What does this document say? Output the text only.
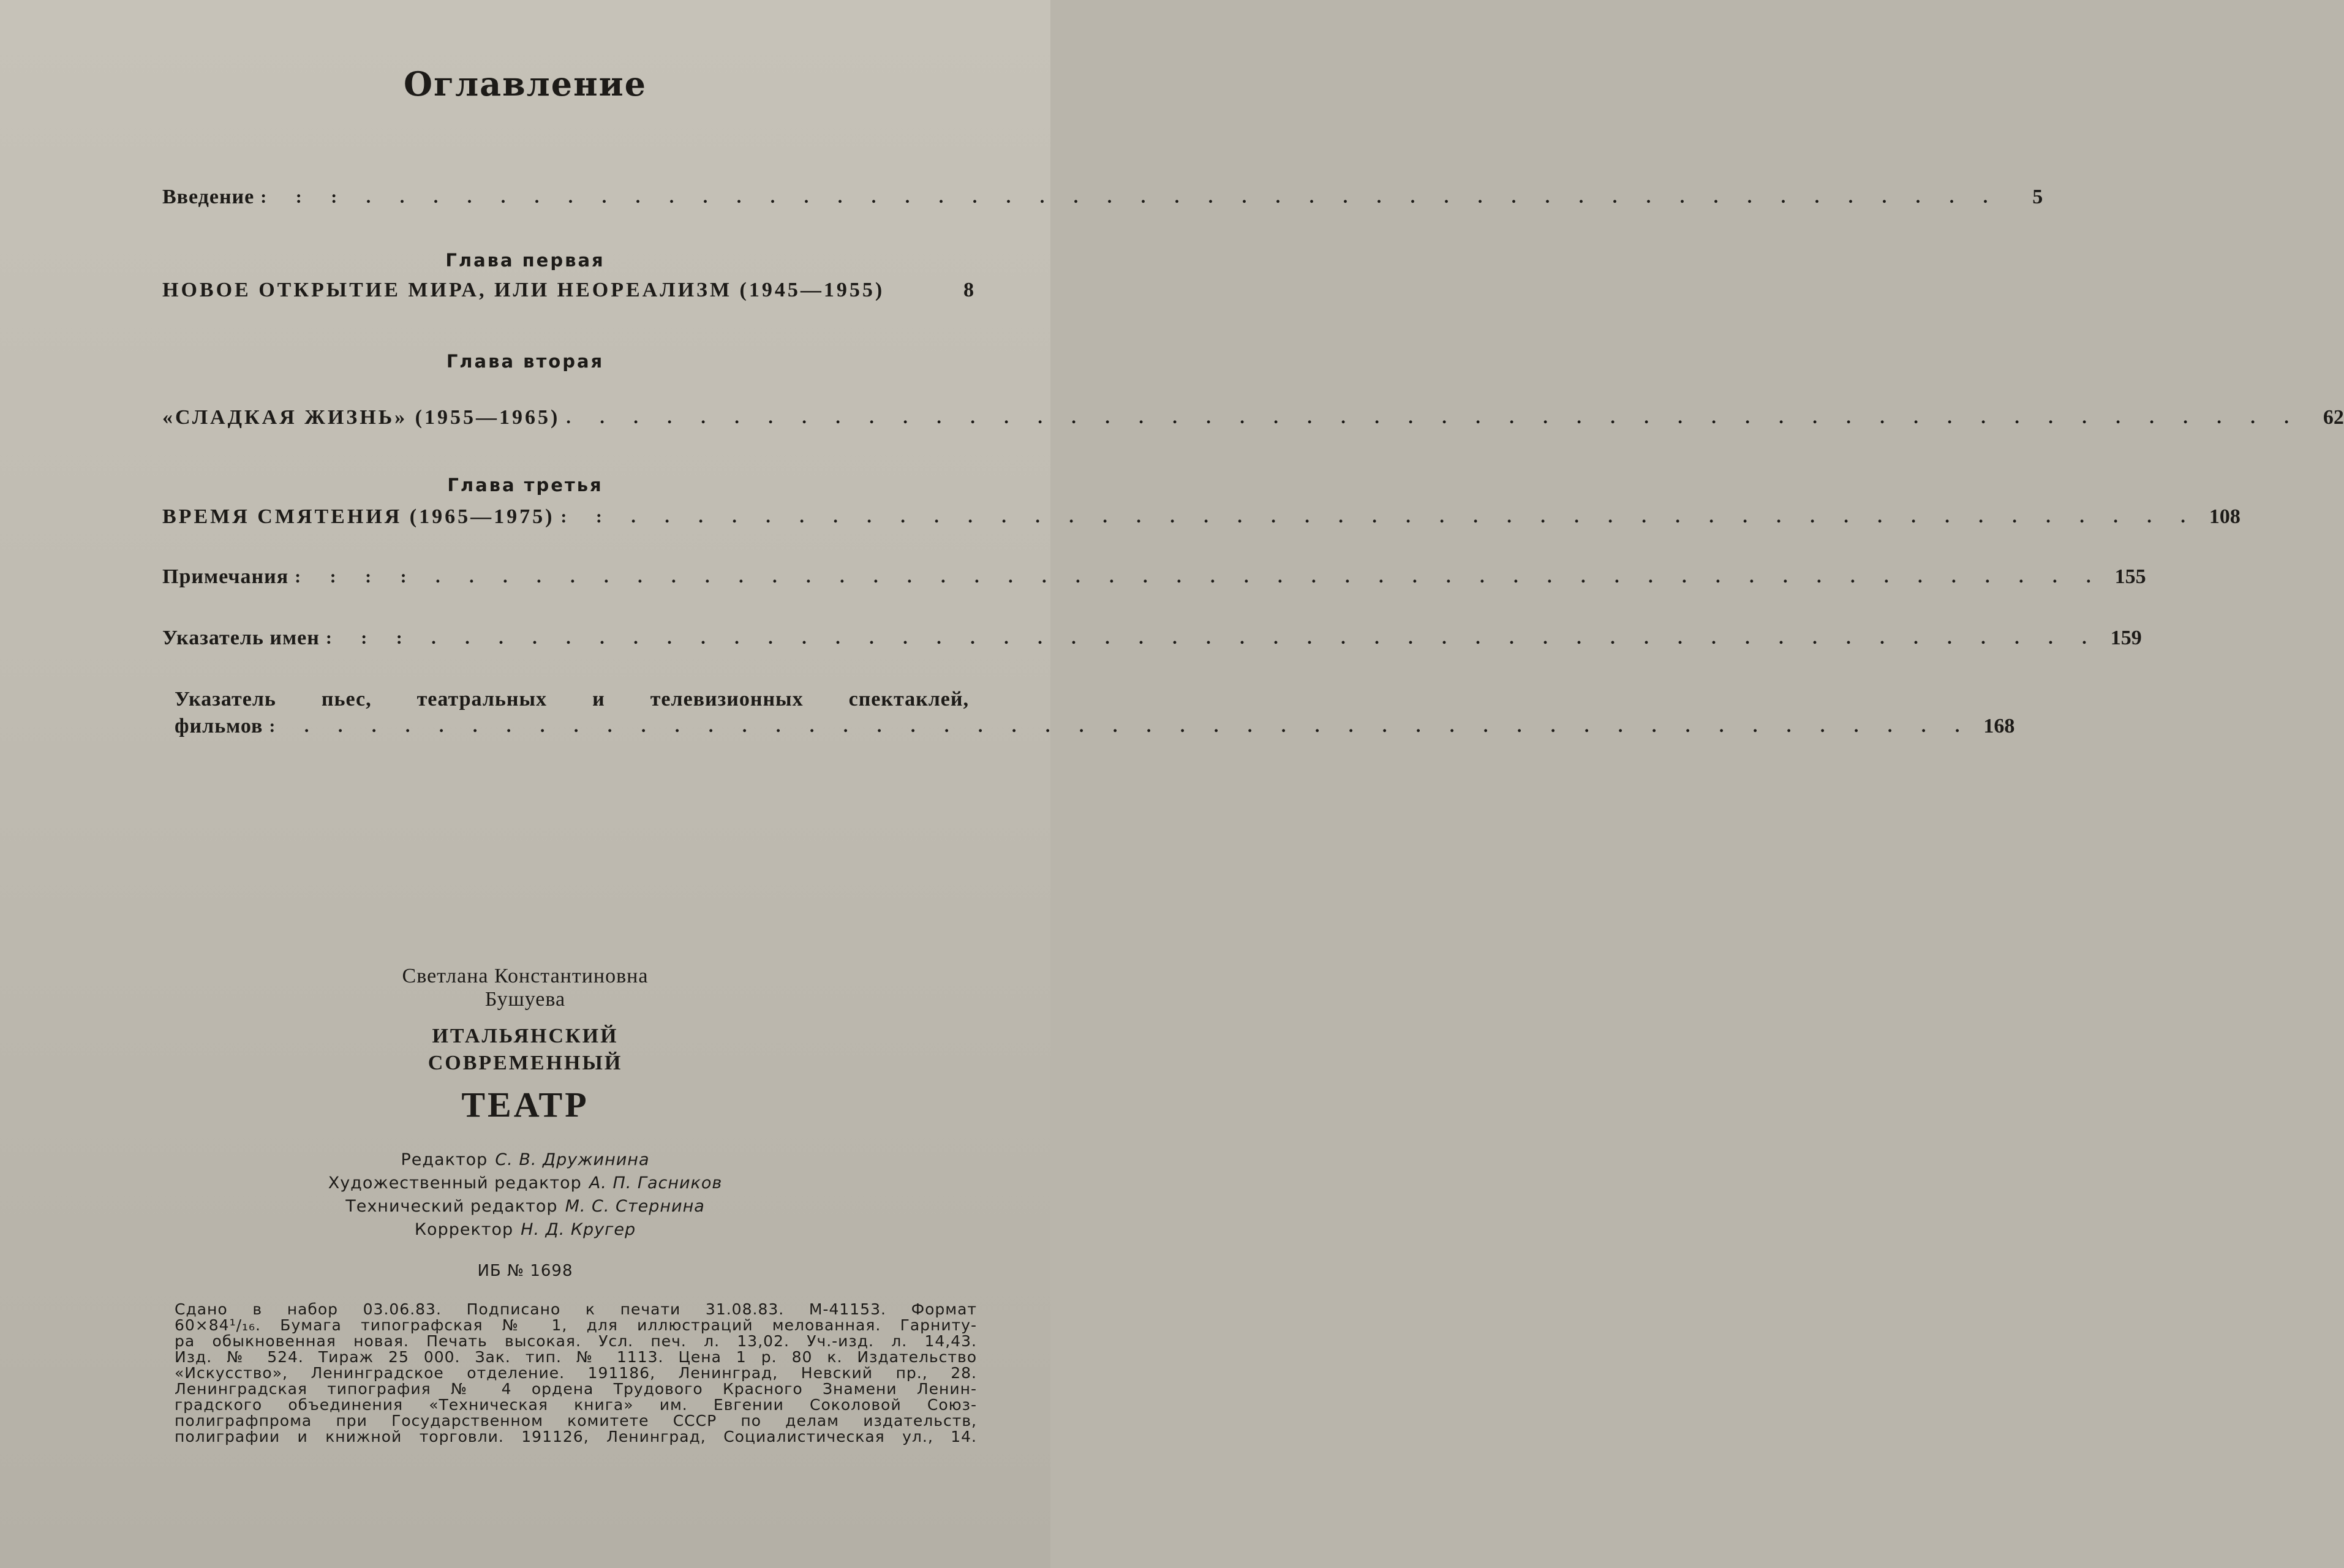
Оглавление
Введение : : : . . . . . . . . . . . . . . . . . . . . . . . . . . . . . . . . . . . . . . . . . . . . . . . . .	5
Глава первая
НОВОЕ ОТКРЫТИЕ МИРА, ИЛИ НЕОРЕАЛИЗМ (1945—1955)	8
Глава вторая
«СЛАДКАЯ ЖИЗНЬ» (1955—1965) . . . . . . . . . . . . . . . . . . . . . . . . . . . . . . . . . . . . . . . . . . . . . . . . . . . .	62
Глава третья
ВРЕМЯ СМЯТЕНИЯ (1965—1975) : : . . . . . . . . . . . . . . . . . . . . . . . . . . . . . . . . . . . . . . . . . . . . . . . 108
Примечания : : : : . . . . . . . . . . . . . . . . . . . . . . . . . . . . . . . . . . . . . . . . . . . . . . . . . . 155
Указатель имен : : : . . . . . . . . . . . . . . . . . . . . . . . . . . . . . . . . . . . . . . . . . . . . . . . . . . 159
Указатель пьес, театральных и телевизионных спектаклей,
фильмов : . . . . . . . . . . . . . . . . . . . . . . . . . . . . . . . . . . . . . . . . . . . . . . . . . . 168
Светлана Константиновна
Бушуева
ИТАЛЬЯНСКИЙ
СОВРЕМЕННЫЙ
ТЕАТР
Редактор С. В. Дружинина
Художественный редактор А. П. Гасников
Технический редактор М. С. Стернина
Корректор Н. Д. Кругер
ИБ № 1698
Сдано в набор 03.06.83. Подписано к печати 31.08.83. М-41153. Формат
60×84¹/₁₆. Бумага типографская № 1, для иллюстраций мелованная. Гарниту-
ра обыкновенная новая. Печать высокая. Усл. печ. л. 13,02. Уч.-изд. л. 14,43.
Изд. № 524. Тираж 25 000. Зак. тип. № 1113. Цена 1 р. 80 к. Издательство
«Искусство», Ленинградское отделение. 191186, Ленинград, Невский пр., 28.
Ленинградская типография № 4 ордена Трудового Красного Знамени Ленин-
градского объединения «Техническая книга» им. Евгении Соколовой Союз-
полиграфпрома при Государственном комитете СССР по делам издательств,
полиграфии и книжной торговли. 191126, Ленинград, Социалистическая ул., 14.
